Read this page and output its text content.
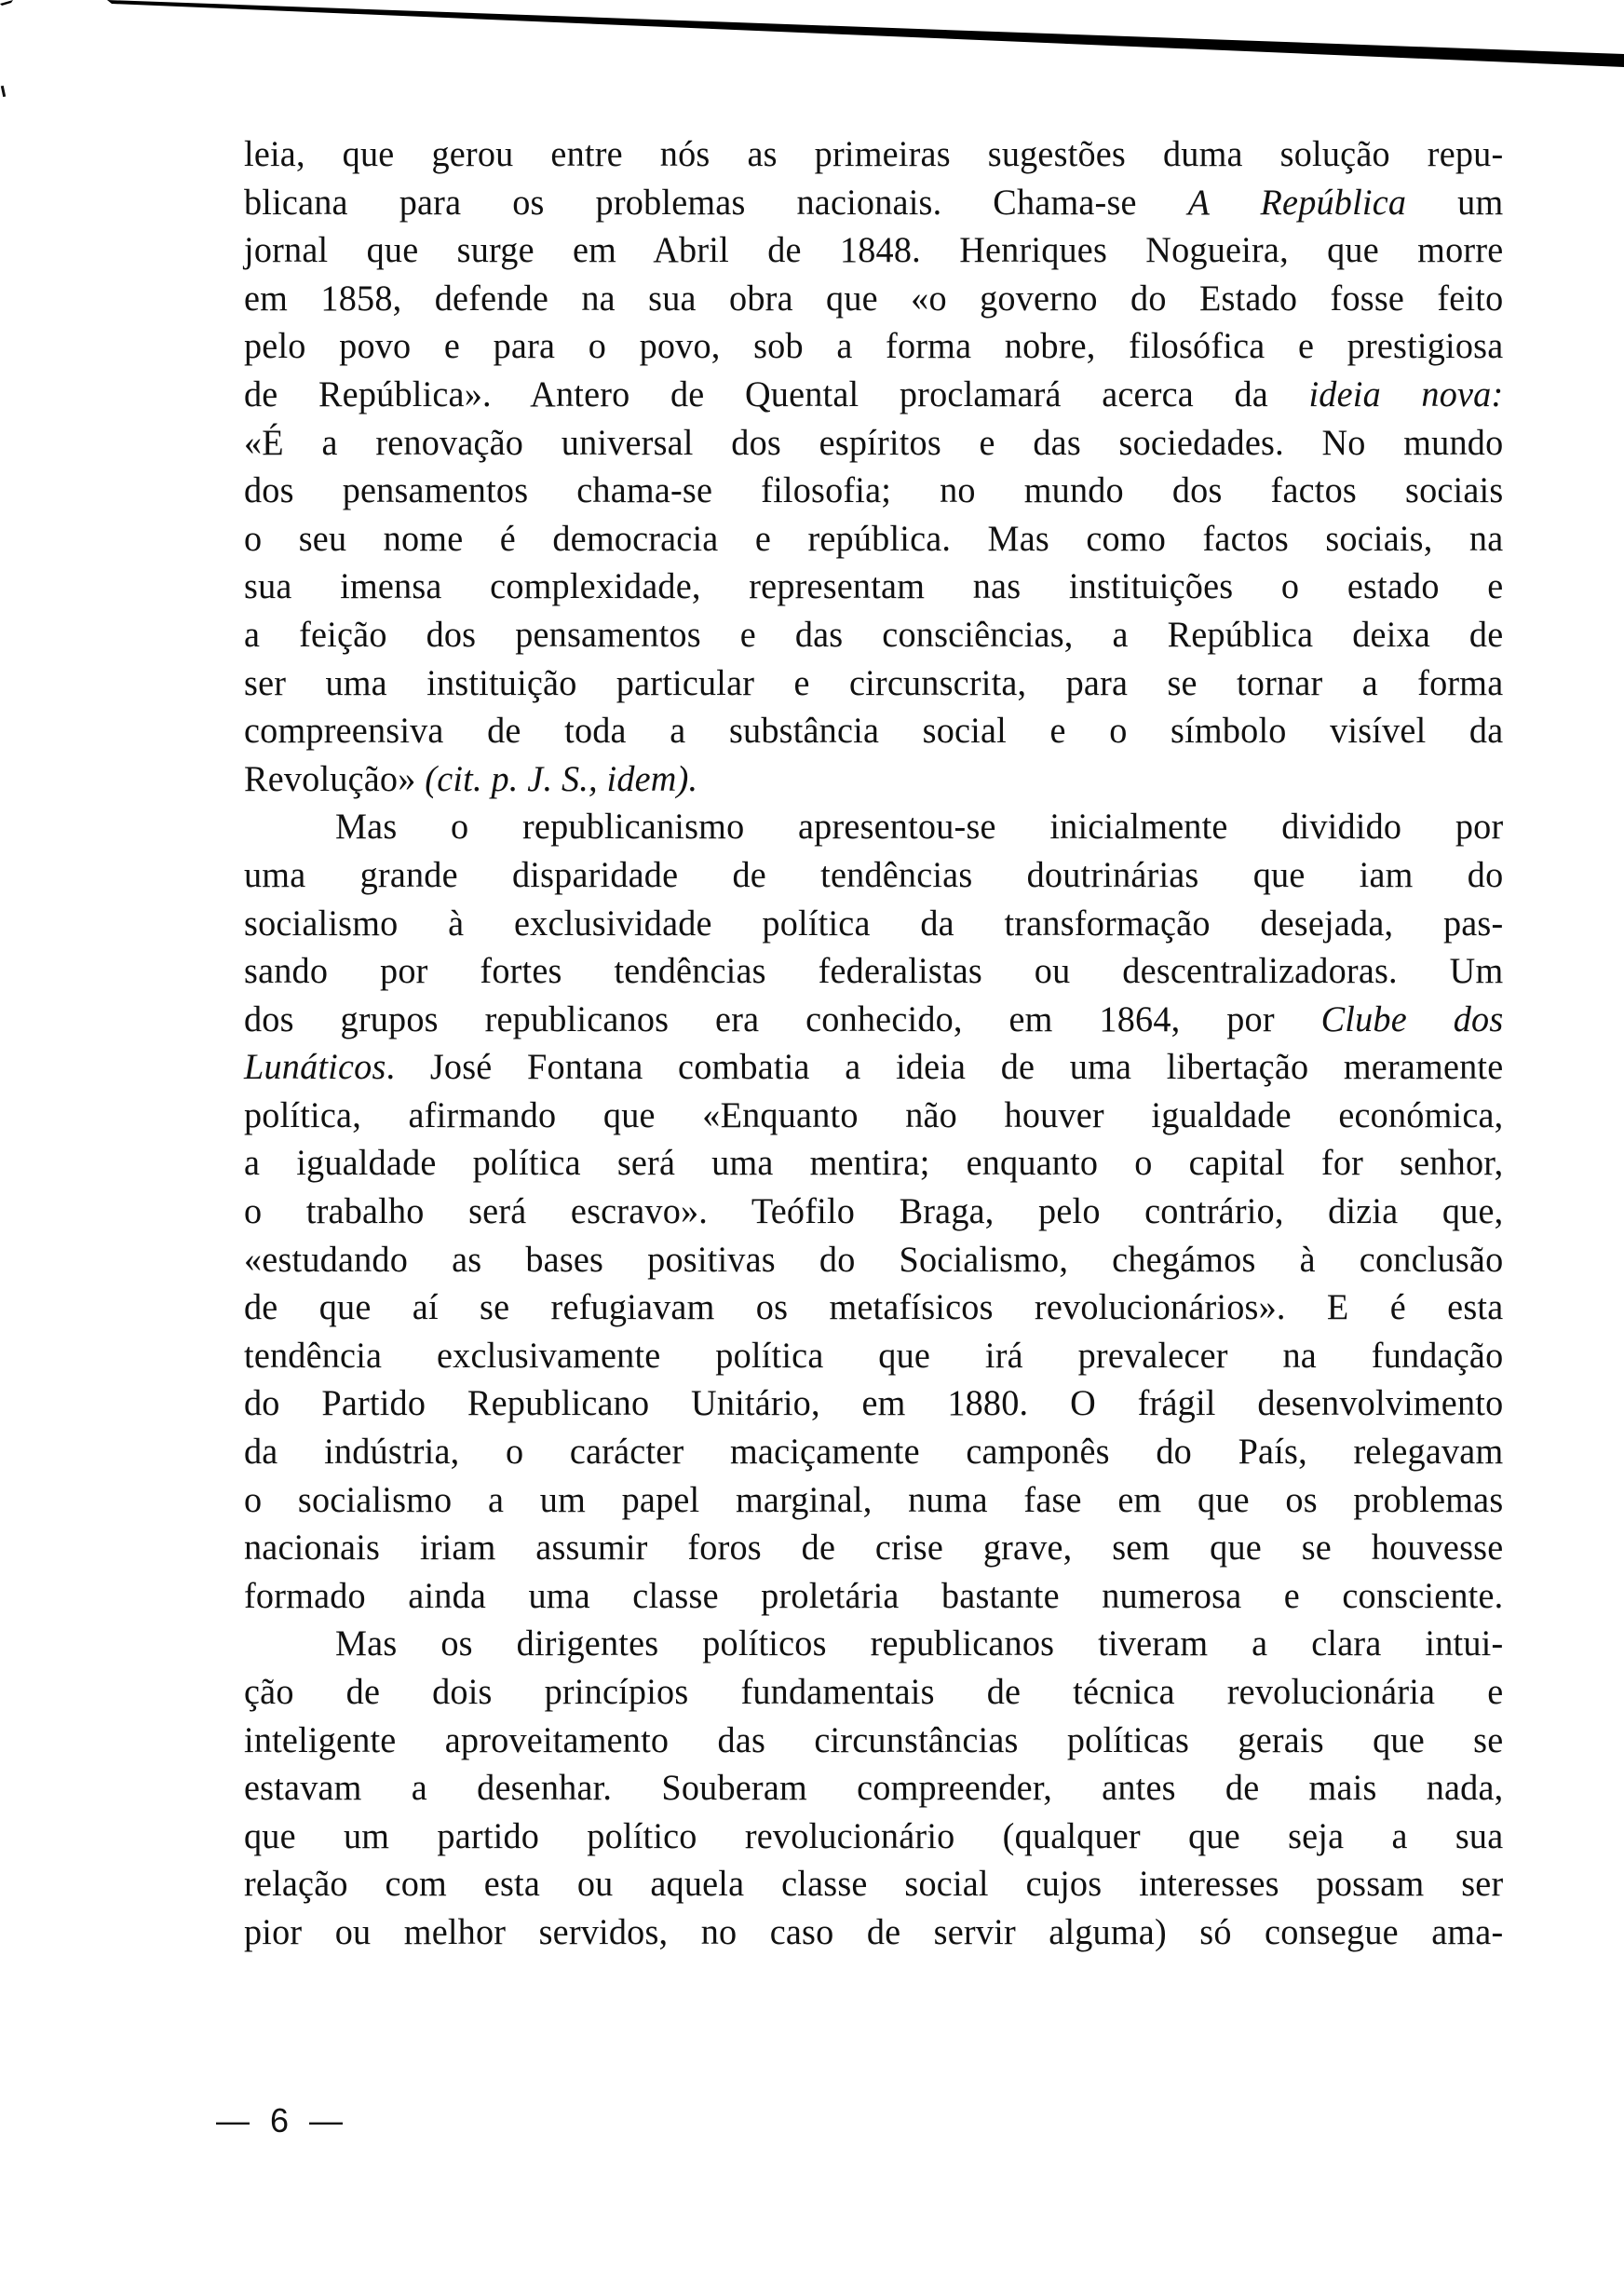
leia, que gerou entre nós as primeiras sugestões duma solução repu-
blicana para os problemas nacionais. Chama-se A República um
jornal que surge em Abril de 1848. Henriques Nogueira, que morre
em 1858, defende na sua obra que «o governo do Estado fosse feito
pelo povo e para o povo, sob a forma nobre, filosófica e prestigiosa
de República». Antero de Quental proclamará acerca da ideia nova:
«É a renovação universal dos espíritos e das sociedades. No mundo
dos pensamentos chama-se filosofia; no mundo dos factos sociais
o seu nome é democracia e república. Mas como factos sociais, na
sua imensa complexidade, representam nas instituições o estado e
a feição dos pensamentos e das consciências, a República deixa de
ser uma instituição particular e circunscrita, para se tornar a forma
compreensiva de toda a substância social e o símbolo visível da
Revolução» (cit. p. J. S., idem).
Mas o republicanismo apresentou-se inicialmente dividido por
uma grande disparidade de tendências doutrinárias que iam do
socialismo à exclusividade política da transformação desejada, pas-
sando por fortes tendências federalistas ou descentralizadoras. Um
dos grupos republicanos era conhecido, em 1864, por Clube dos
Lunáticos. José Fontana combatia a ideia de uma libertação meramente
política, afirmando que «Enquanto não houver igualdade económica,
a igualdade política será uma mentira; enquanto o capital for senhor,
o trabalho será escravo». Teófilo Braga, pelo contrário, dizia que,
«estudando as bases positivas do Socialismo, chegámos à conclusão
de que aí se refugiavam os metafísicos revolucionários». E é esta
tendência exclusivamente política que irá prevalecer na fundação
do Partido Republicano Unitário, em 1880. O frágil desenvolvimento
da indústria, o carácter maciçamente camponês do País, relegavam
o socialismo a um papel marginal, numa fase em que os problemas
nacionais iriam assumir foros de crise grave, sem que se houvesse
formado ainda uma classe proletária bastante numerosa e consciente.
Mas os dirigentes políticos republicanos tiveram a clara intui-
ção de dois princípios fundamentais de técnica revolucionária e
inteligente aproveitamento das circunstâncias políticas gerais que se
estavam a desenhar. Souberam compreender, antes de mais nada,
que um partido político revolucionário (qualquer que seja a sua
relação com esta ou aquela classe social cujos interesses possam ser
pior ou melhor servidos, no caso de servir alguma) só consegue ama-
— 6 —
